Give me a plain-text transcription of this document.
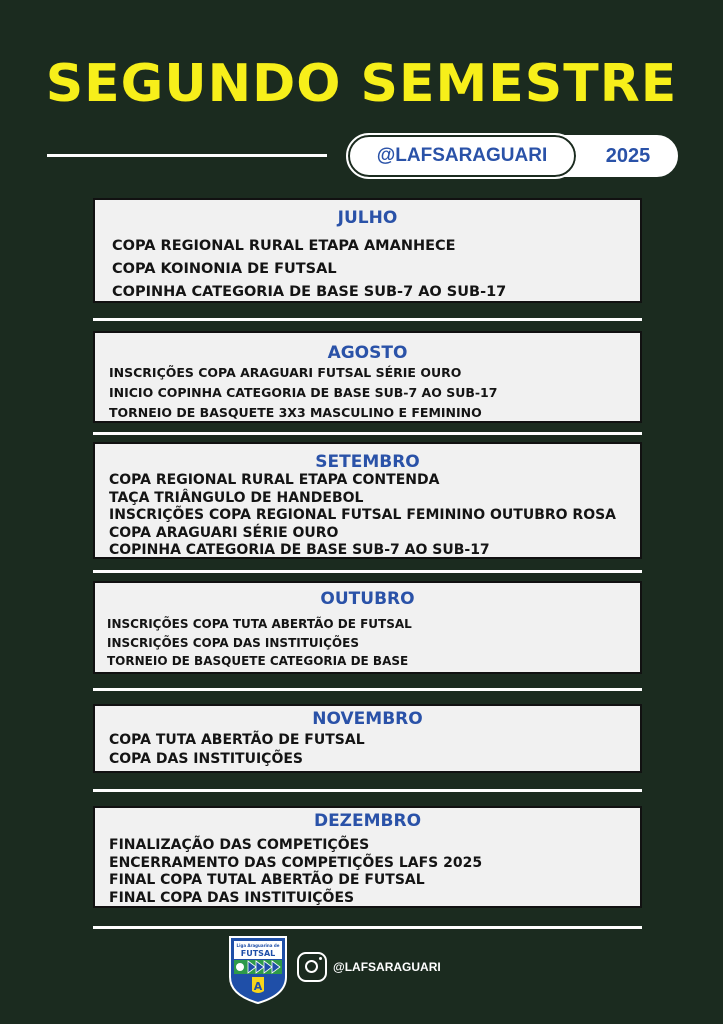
SEGUNDO SEMESTRE
@LAFSARAGUARI	2025
JULHO
COPA REGIONAL RURAL ETAPA AMANHECE
COPA KOINONIA DE FUTSAL
COPINHA CATEGORIA DE BASE SUB-7 AO SUB-17
AGOSTO
INSCRIÇÕES COPA ARAGUARI FUTSAL SÉRIE OURO
INICIO COPINHA CATEGORIA DE BASE SUB-7 AO SUB-17
TORNEIO DE BASQUETE 3X3 MASCULINO E FEMININO
SETEMBRO
COPA REGIONAL RURAL ETAPA CONTENDA
TAÇA TRIÂNGULO DE HANDEBOL
INSCRIÇÕES COPA REGIONAL FUTSAL FEMININO OUTUBRO ROSA
COPA ARAGUARI SÉRIE OURO
COPINHA CATEGORIA DE BASE SUB-7 AO SUB-17
OUTUBRO
INSCRIÇÕES COPA TUTA ABERTÃO DE FUTSAL
INSCRIÇÕES COPA DAS INSTITUIÇÕES
TORNEIO DE BASQUETE CATEGORIA DE BASE
NOVEMBRO
COPA TUTA ABERTÃO DE FUTSAL
COPA DAS INSTITUIÇÕES
DEZEMBRO
FINALIZAÇÃO DAS COMPETIÇÕES
ENCERRAMENTO DAS COMPETIÇÕES LAFS 2025
FINAL COPA TUTAL ABERTÃO DE FUTSAL
FINAL COPA DAS INSTITUIÇÕES
Liga Araguarina de
FUTSAL
A
@LAFSARAGUARI
